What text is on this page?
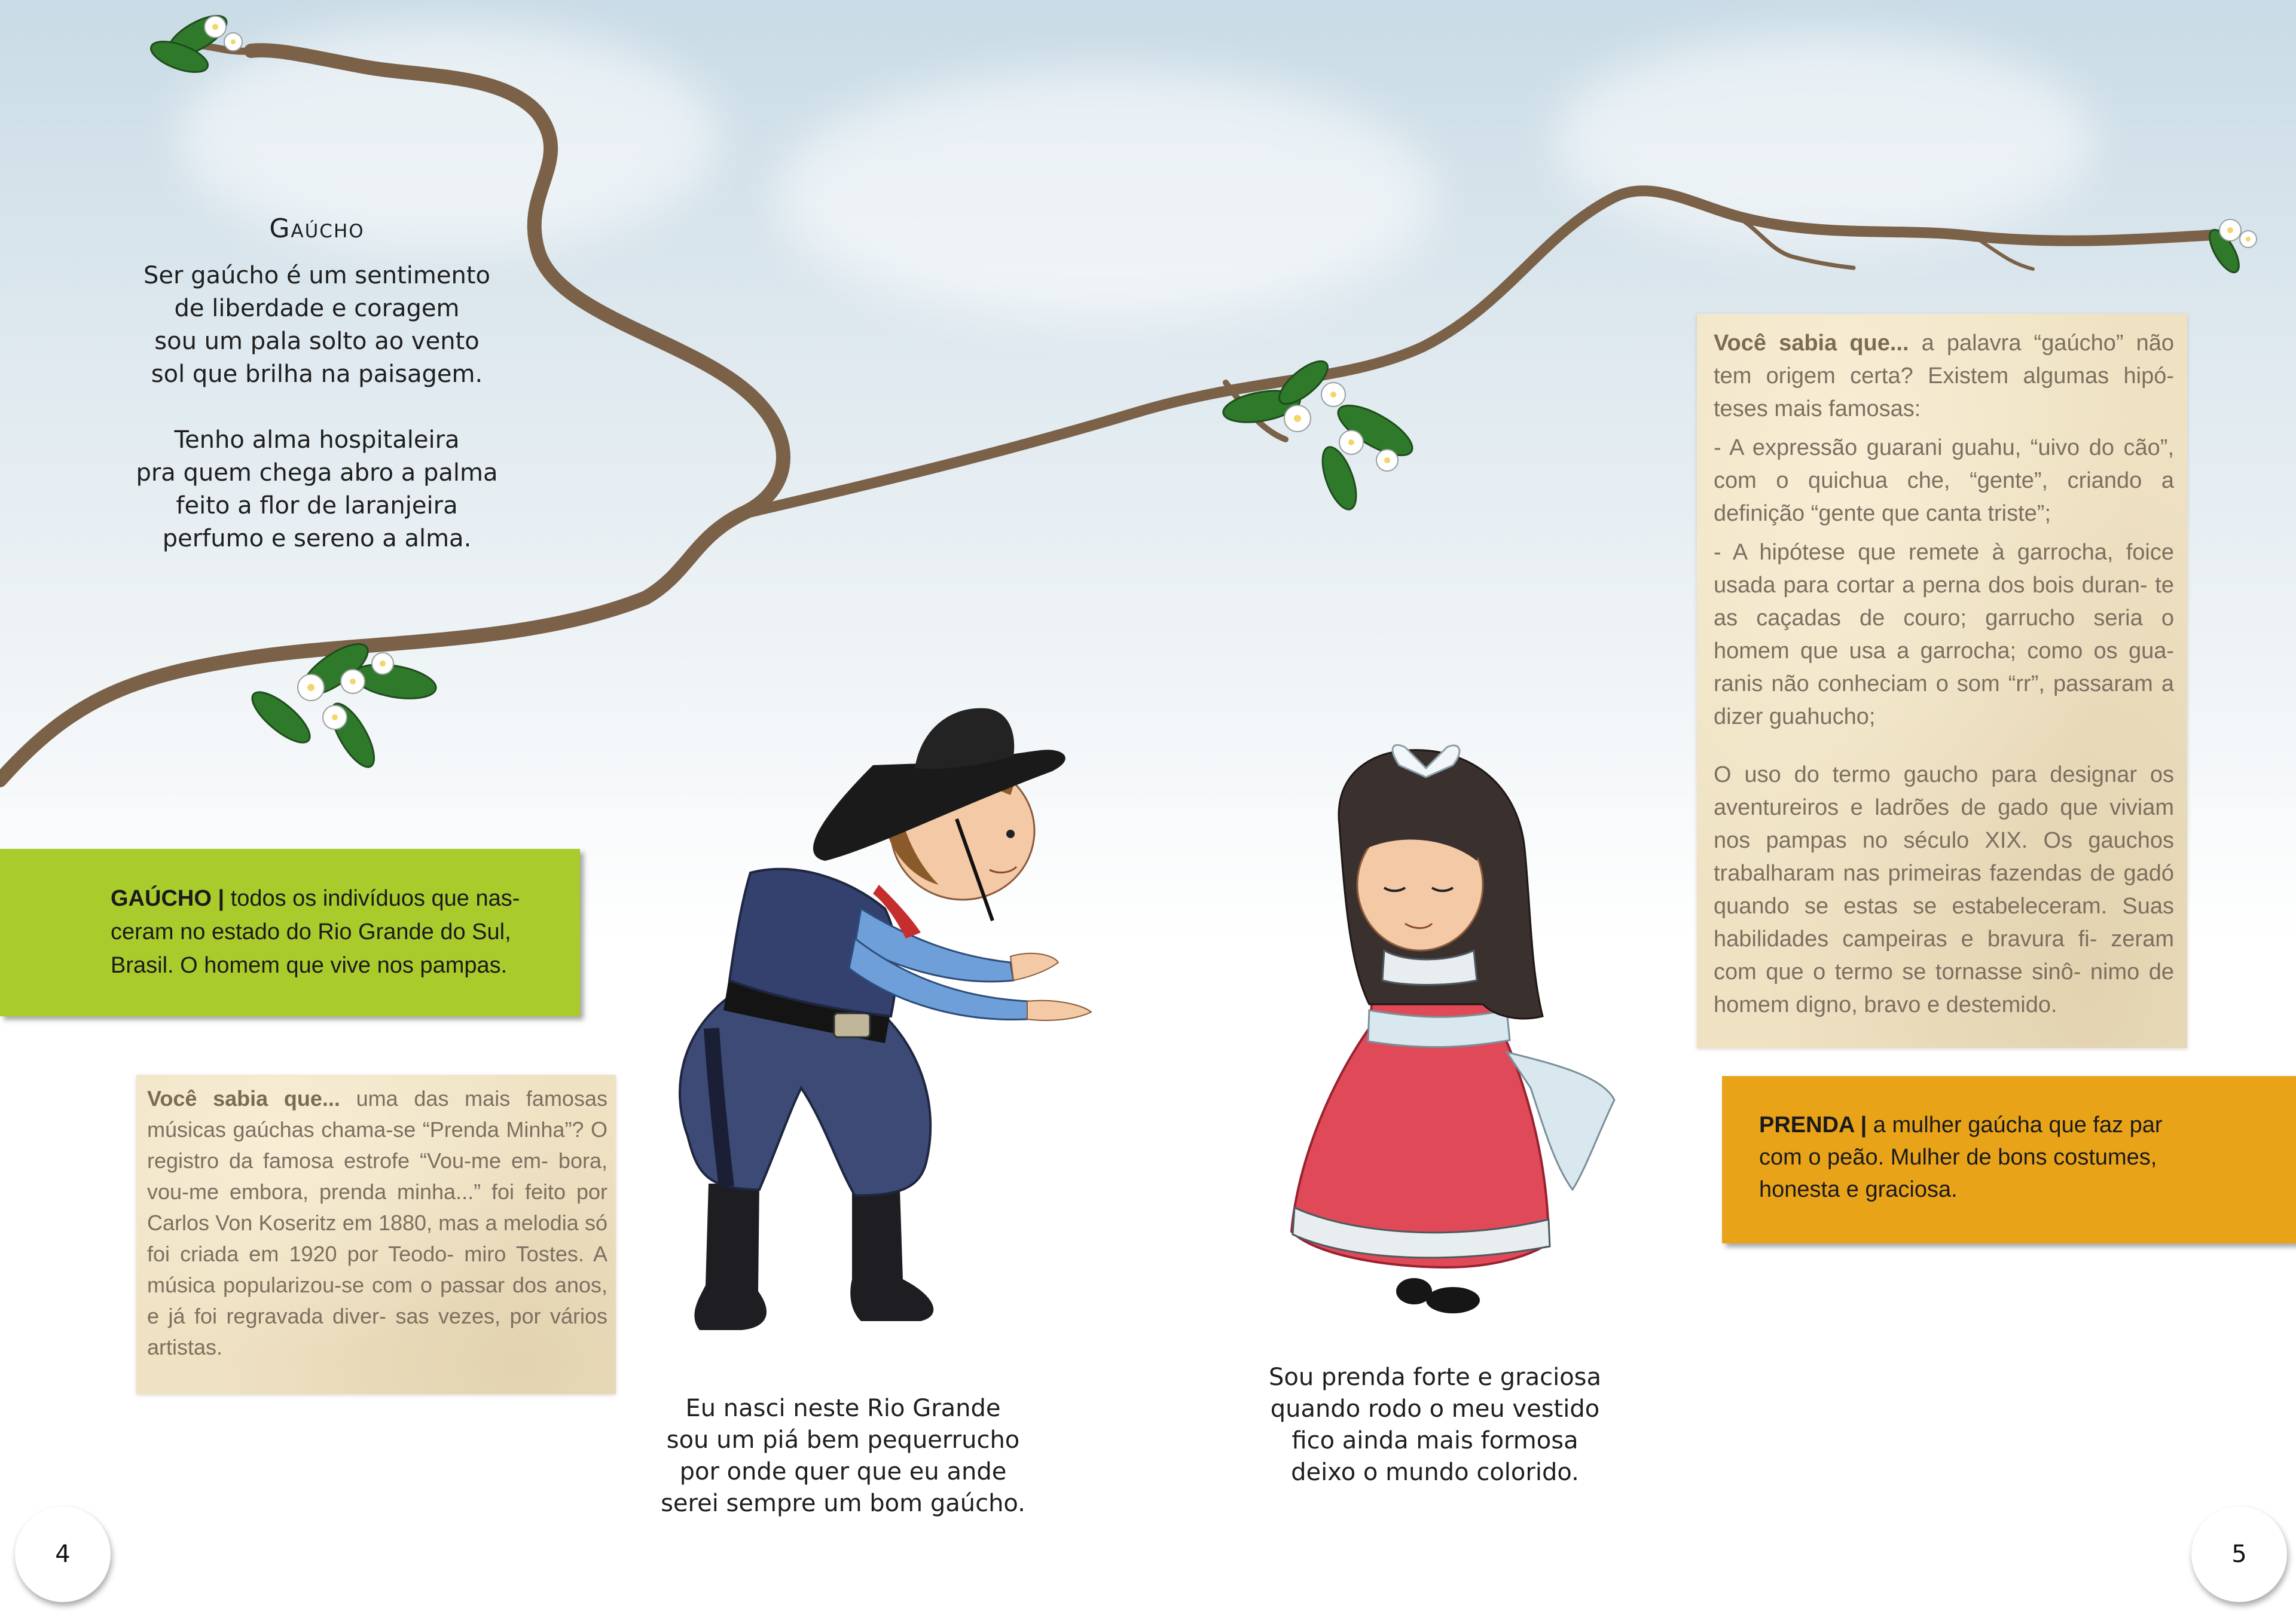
Gaúcho

Ser gaúcho é um sentimento

de liberdade e coragem

sou um pala solto ao vento

sol que brilha na paisagem.

Tenho alma hospitaleira

pra quem chega abro a palma

feito a flor de laranjeira

perfumo e sereno a alma.

GAÚCHO | todos os indivíduos que nas- ceram no estado do Rio Grande do Sul, Brasil. O homem que vive nos pampas.
Você sabia que... uma das mais famosas músicas gaúchas chama-se “Prenda Minha”? O registro da famosa estrofe “Vou-me em- bora, vou-me embora, prenda minha...” foi feito por Carlos Von Koseritz em 1880, mas a melodia só foi criada em 1920 por Teodo- miro Tostes. A música popularizou-se com o passar dos anos, e já foi regravada diver- sas vezes, por vários artistas.

Eu nasci neste Rio Grande

sou um piá bem pequerrucho

por onde quer que eu ande

serei sempre um bom gaúcho.

Sou prenda forte e graciosa

quando rodo o meu vestido

fico ainda mais formosa

deixo o mundo colorido.

Você sabia que... a palavra “gaúcho” não tem origem certa? Existem algumas hipó- teses mais famosas:

- A expressão guarani guahu, “uivo do cão”, com o quichua che, “gente”, criando a definição “gente que canta triste”;

- A hipótese que remete à garrocha, foice usada para cortar a perna dos bois duran- te as caçadas de couro; garrucho seria o homem que usa a garrocha; como os gua- ranis não conheciam o som “rr”, passaram a dizer guahucho;

O uso do termo gaucho para designar os aventureiros e ladrões de gado que viviam nos pampas no século XIX. Os gauchos trabalharam nas primeiras fazendas de gadó quando se estas se estabeleceram. Suas habilidades campeiras e bravura fi- zeram com que o termo se tornasse sinô- nimo de homem digno, bravo e destemido.

PRENDA | a mulher gaúcha que faz par com o peão. Mulher de bons costumes, honesta e graciosa.
4	5
